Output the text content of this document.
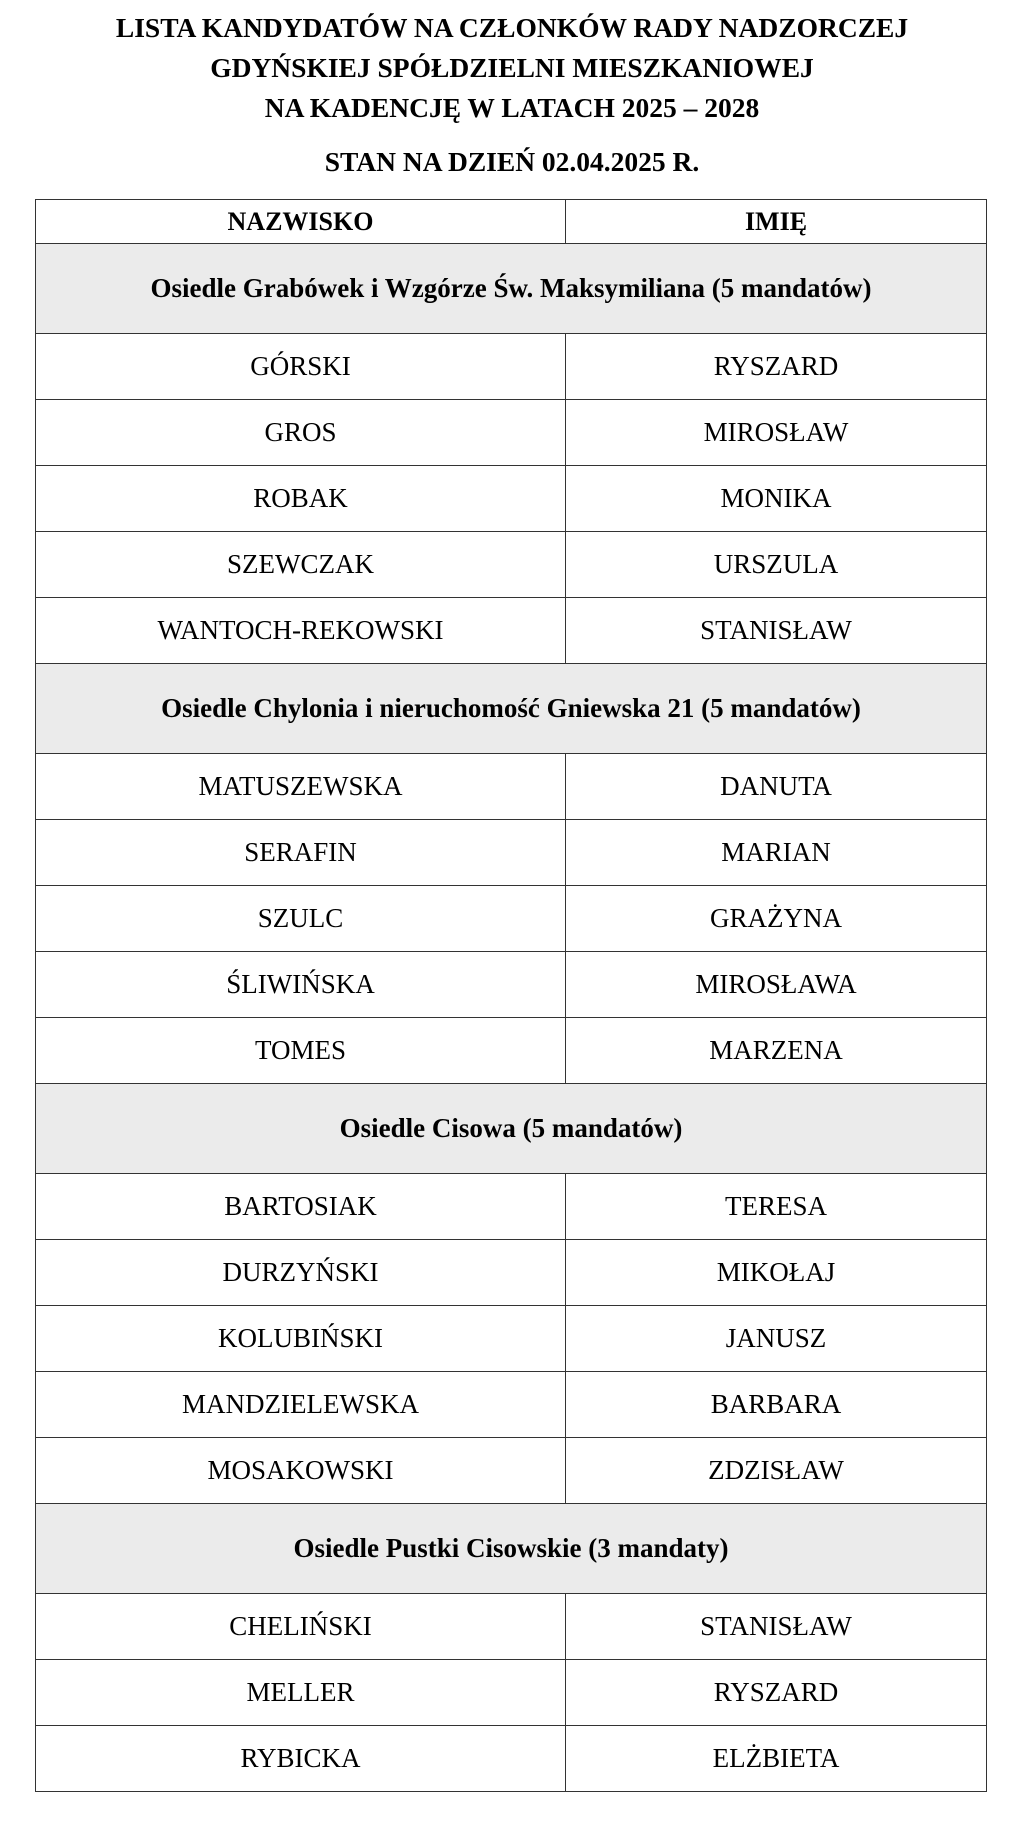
LISTA KANDYDATÓW NA CZŁONKÓW RADY NADZORCZEJ
GDYŃSKIEJ SPÓŁDZIELNI MIESZKANIOWEJ
NA KADENCJĘ W LATACH 2025 – 2028
STAN NA DZIEŃ 02.04.2025 R.
NAZWISKO	IMIĘ
Osiedle Grabówek i Wzgórze Św. Maksymiliana (5 mandatów)	
GÓRSKI	RYSZARD
GROS	MIROSŁAW
ROBAK	MONIKA
SZEWCZAK	URSZULA
WANTOCH-REKOWSKI	STANISŁAW
Osiedle Chylonia i nieruchomość Gniewska 21 (5 mandatów)	
MATUSZEWSKA	DANUTA
SERAFIN	MARIAN
SZULC	GRAŻYNA
ŚLIWIŃSKA	MIROSŁAWA
TOMES	MARZENA
Osiedle Cisowa (5 mandatów)	
BARTOSIAK	TERESA
DURZYŃSKI	MIKOŁAJ
KOLUBIŃSKI	JANUSZ
MANDZIELEWSKA	BARBARA
MOSAKOWSKI	ZDZISŁAW
Osiedle Pustki Cisowskie (3 mandaty)	
CHELIŃSKI	STANISŁAW
MELLER	RYSZARD
RYBICKA	ELŻBIETA
